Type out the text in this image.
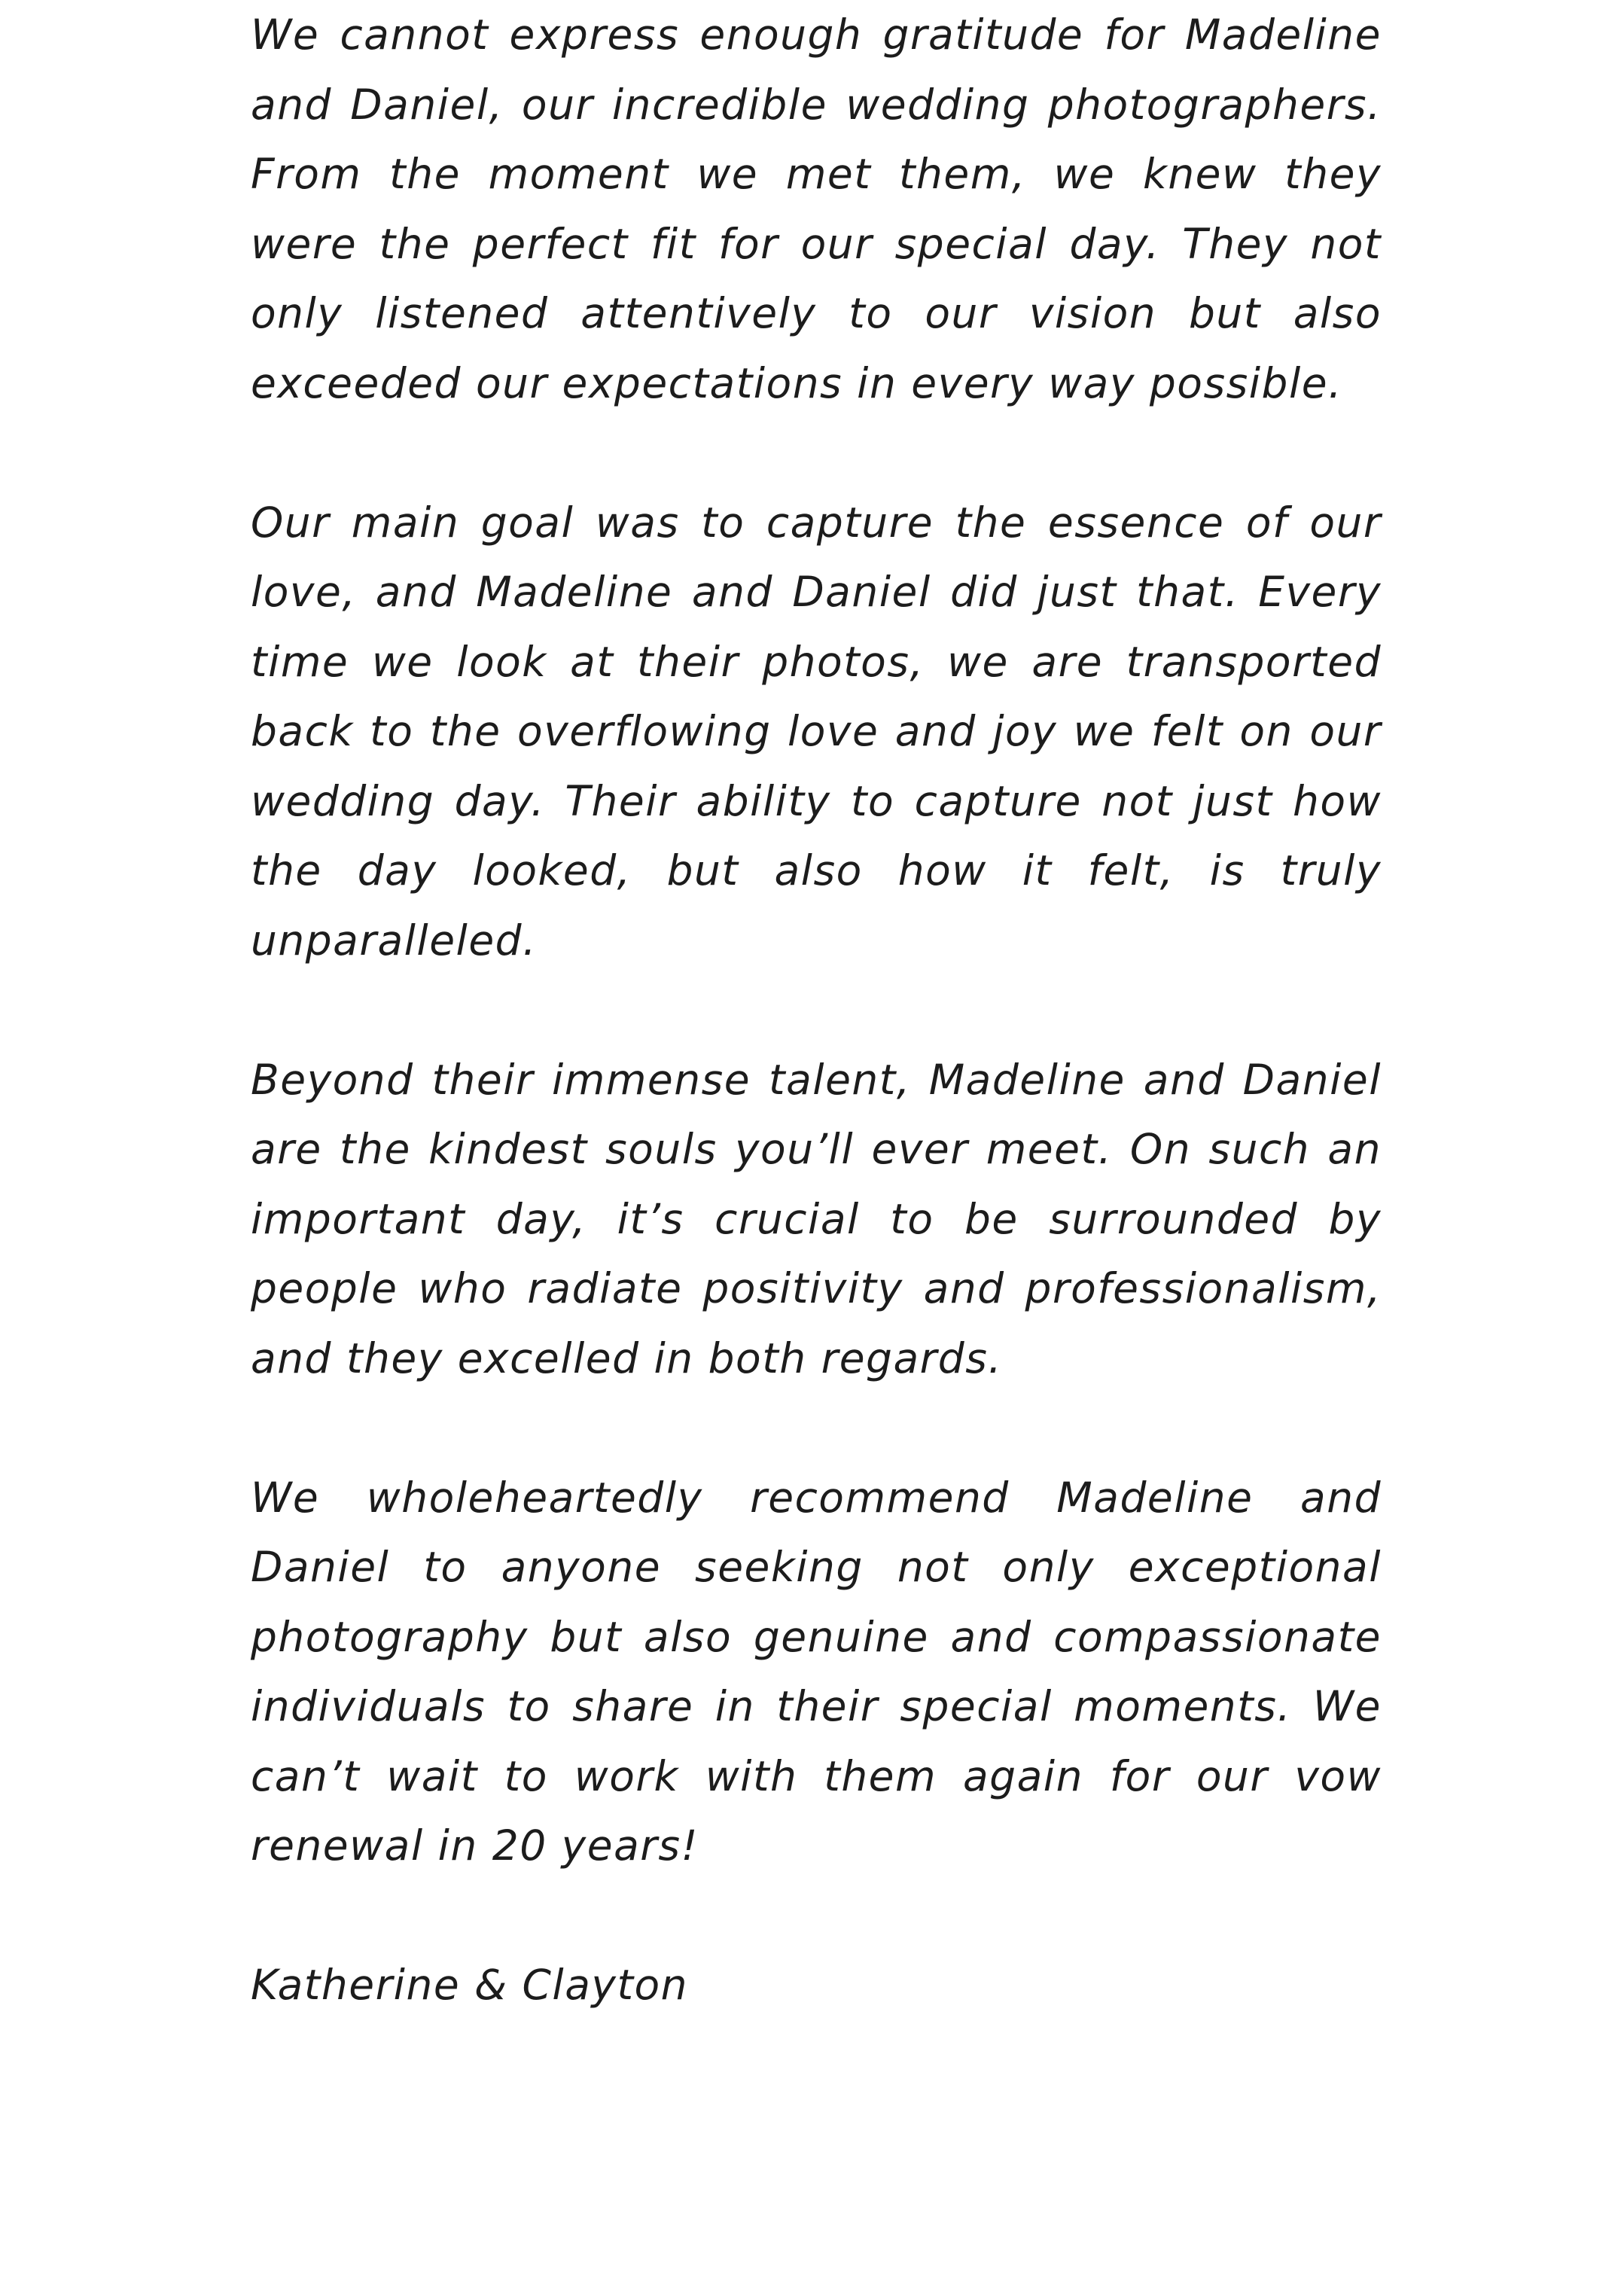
We cannot express enough gratitude for Madeline and Daniel, our incredible wedding photographers. From the moment we met them, we knew they were the perfect fit for our special day. They not only listened attentively to our vision but also exceeded our expectations in every way possible.

Our main goal was to capture the essence of our love, and Madeline and Daniel did just that. Every time we look at their photos, we are transported back to the overflowing love and joy we felt on our wedding day. Their ability to capture not just how the day looked, but also how it felt, is truly unparalleled.

Beyond their immense talent, Madeline and Daniel are the kindest souls you’ll ever meet. On such an important day, it’s crucial to be surrounded by people who radiate positivity and professionalism, and they excelled in both regards.

We wholeheartedly recommend Madeline and Daniel to anyone seeking not only exceptional photography but also genuine and compassionate individuals to share in their special moments. We can’t wait to work with them again for our vow renewal in 20 years!

Katherine & Clayton
